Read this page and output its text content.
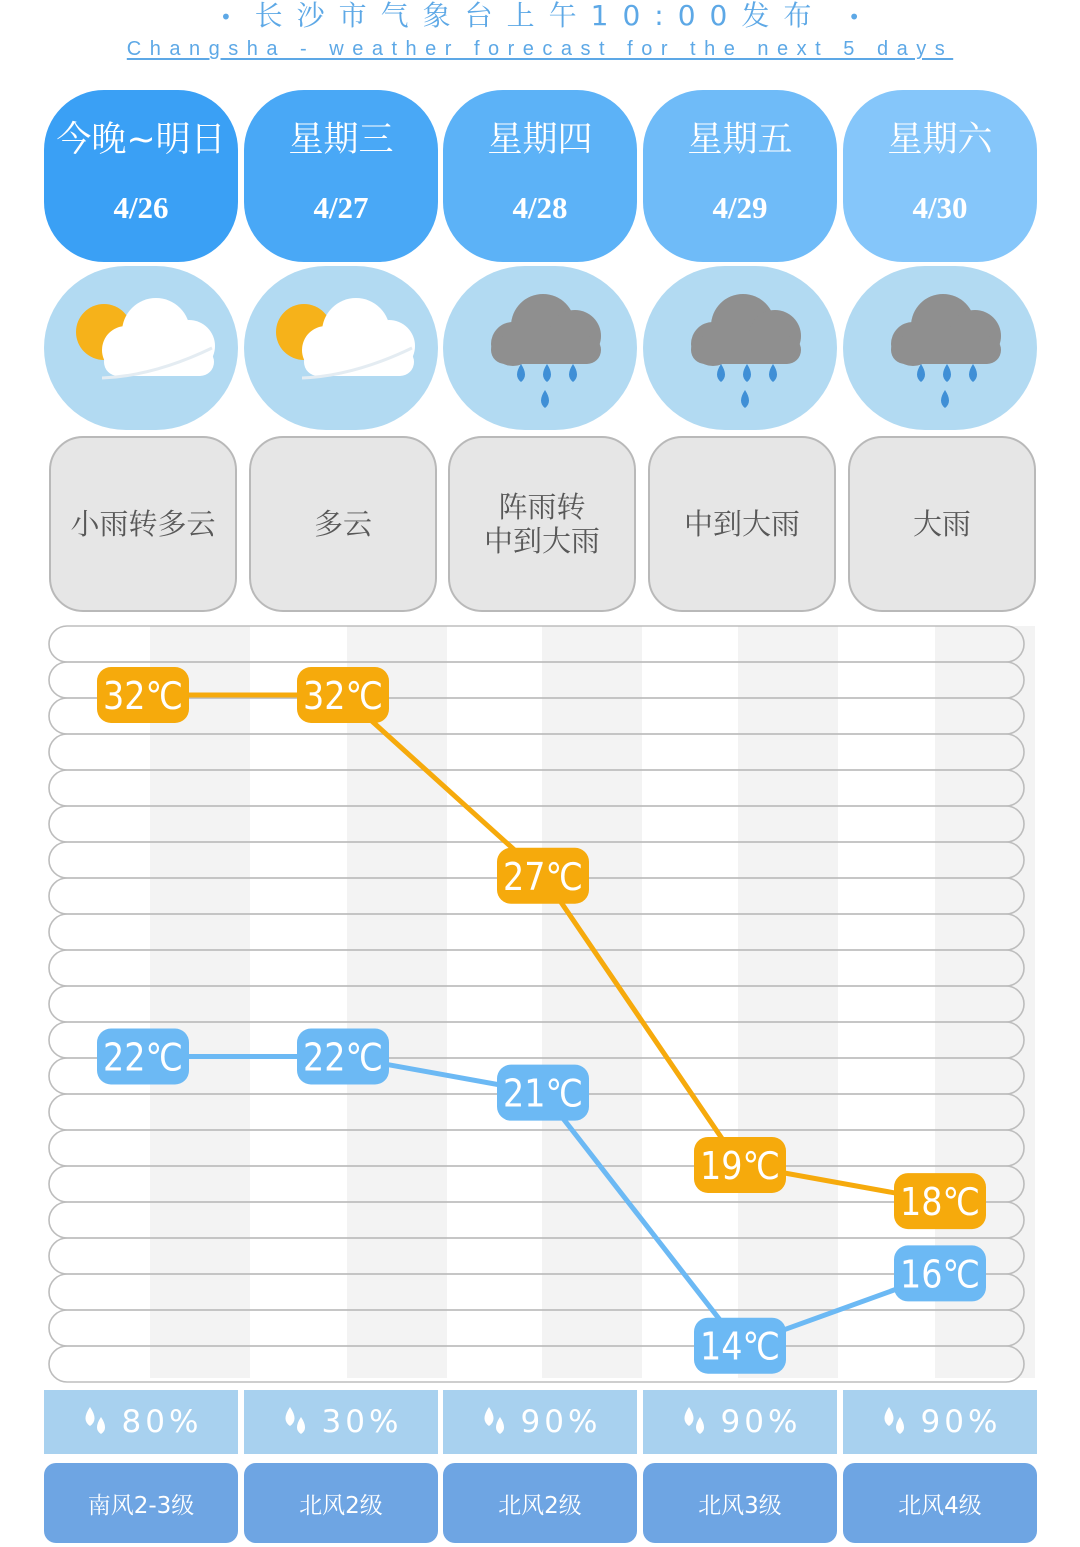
• 长沙市气象台上午10:00发布 •
Changsha - weather forecast for the next 5 days
今晚~明日
4/26
小雨转多云
80%
南风2-3级
星期三
4/27
多云
30%
北风2级
星期四
4/28
阵雨转
中到大雨
90%
北风2级
星期五
4/29
中到大雨
90%
北风3级
星期六
4/30
大雨
90%
北风4级
32℃	32℃
27℃
19℃
18℃
22℃	22℃
21℃
14℃
16℃
